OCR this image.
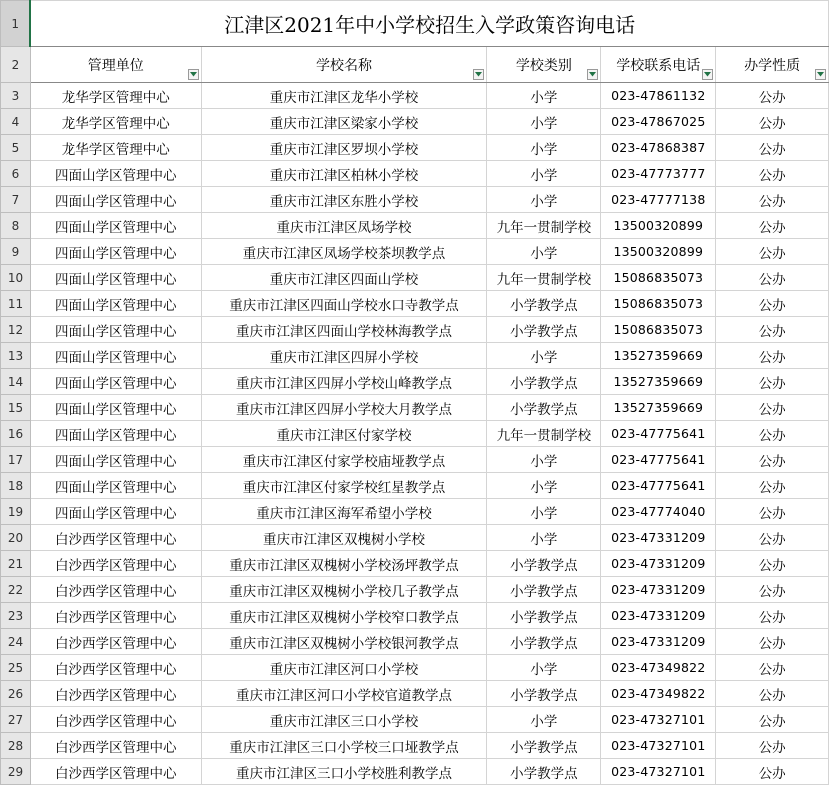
1	江津区2021年中小学校招生入学政策咨询电话				
2	管理单位	学校名称	学校类别	学校联系电话	办学性质

3	龙华学区管理中心	重庆市江津区龙华小学校	小学	023-47861132	公办
4	龙华学区管理中心	重庆市江津区梁家小学校	小学	023-47867025	公办
5	龙华学区管理中心	重庆市江津区罗坝小学校	小学	023-47868387	公办
6	四面山学区管理中心	重庆市江津区柏林小学校	小学	023-47773777	公办
7	四面山学区管理中心	重庆市江津区东胜小学校	小学	023-47777138	公办
8	四面山学区管理中心	重庆市江津区凤场学校	九年一贯制学校	13500320899	公办
9	四面山学区管理中心	重庆市江津区凤场学校茶坝教学点	小学	13500320899	公办
10	四面山学区管理中心	重庆市江津区四面山学校	九年一贯制学校	15086835073	公办
11	四面山学区管理中心	重庆市江津区四面山学校水口寺教学点	小学教学点	15086835073	公办
12	四面山学区管理中心	重庆市江津区四面山学校林海教学点	小学教学点	15086835073	公办
13	四面山学区管理中心	重庆市江津区四屏小学校	小学	13527359669	公办
14	四面山学区管理中心	重庆市江津区四屏小学校山峰教学点	小学教学点	13527359669	公办
15	四面山学区管理中心	重庆市江津区四屏小学校大月教学点	小学教学点	13527359669	公办
16	四面山学区管理中心	重庆市江津区付家学校	九年一贯制学校	023-47775641	公办
17	四面山学区管理中心	重庆市江津区付家学校庙垭教学点	小学	023-47775641	公办
18	四面山学区管理中心	重庆市江津区付家学校红星教学点	小学	023-47775641	公办
19	四面山学区管理中心	重庆市江津区海军希望小学校	小学	023-47774040	公办
20	白沙西学区管理中心	重庆市江津区双槐树小学校	小学	023-47331209	公办
21	白沙西学区管理中心	重庆市江津区双槐树小学校汤坪教学点	小学教学点	023-47331209	公办
22	白沙西学区管理中心	重庆市江津区双槐树小学校几子教学点	小学教学点	023-47331209	公办
23	白沙西学区管理中心	重庆市江津区双槐树小学校窄口教学点	小学教学点	023-47331209	公办
24	白沙西学区管理中心	重庆市江津区双槐树小学校银河教学点	小学教学点	023-47331209	公办
25	白沙西学区管理中心	重庆市江津区河口小学校	小学	023-47349822	公办
26	白沙西学区管理中心	重庆市江津区河口小学校官道教学点	小学教学点	023-47349822	公办
27	白沙西学区管理中心	重庆市江津区三口小学校	小学	023-47327101	公办
28	白沙西学区管理中心	重庆市江津区三口小学校三口垭教学点	小学教学点	023-47327101	公办
29	白沙西学区管理中心	重庆市江津区三口小学校胜利教学点	小学教学点	023-47327101	公办
